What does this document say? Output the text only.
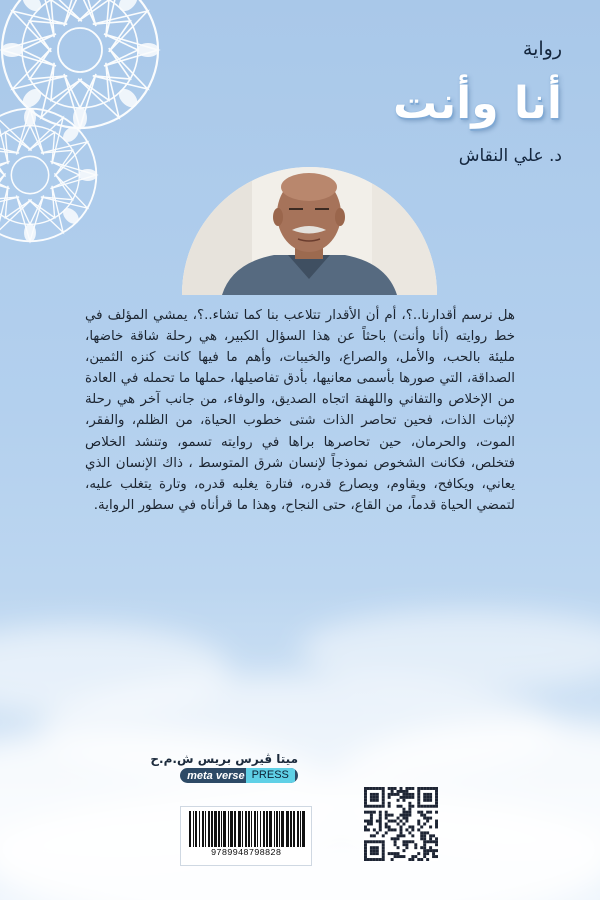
رواية
أنا وأنت
د. علي النقاش
هل نرسم أقدارنا..؟، أم أن الأقدار تتلاعب بنا كما تشاء..؟، يمشي المؤلف في خط روايته (أنا وأنت) باحثاً عن هذا السؤال الكبير، هي رحلة شاقة خاضها، مليئة بالحب، والأمل، والصراع، والخيبات، وأهم ما فيها كانت كنزه الثمين، الصداقة، التي صورها بأسمى معانيها، بأدق تفاصيلها، حملها ما تحمله في العادة من الإخلاص والتفاني واللهفة اتجاه الصديق، والوفاء، من جانب آخر هي رحلة لإثبات الذات، فحين تحاصر الذات شتى خطوب الحياة، من الظلم، والفقر، الموت، والحرمان، حين تحاصرها براها في روايته تسمو، وتنشد الخلاص فتخلص، فكانت الشخوص نموذجاً لإنسان شرق المتوسط ، ذاك الإنسان الذي يعاني، ويكافح، ويقاوم، ويصارع قدره، فتارة يغلبه قدره، وتارة يتغلب عليه، لتمضي الحياة قدماً، من القاع، حتى النجاح، وهذا ما قرأناه في سطور الرواية.
ميتا ڤيرس بريس ش.م.ح
meta verse PRESS
9789948798828
